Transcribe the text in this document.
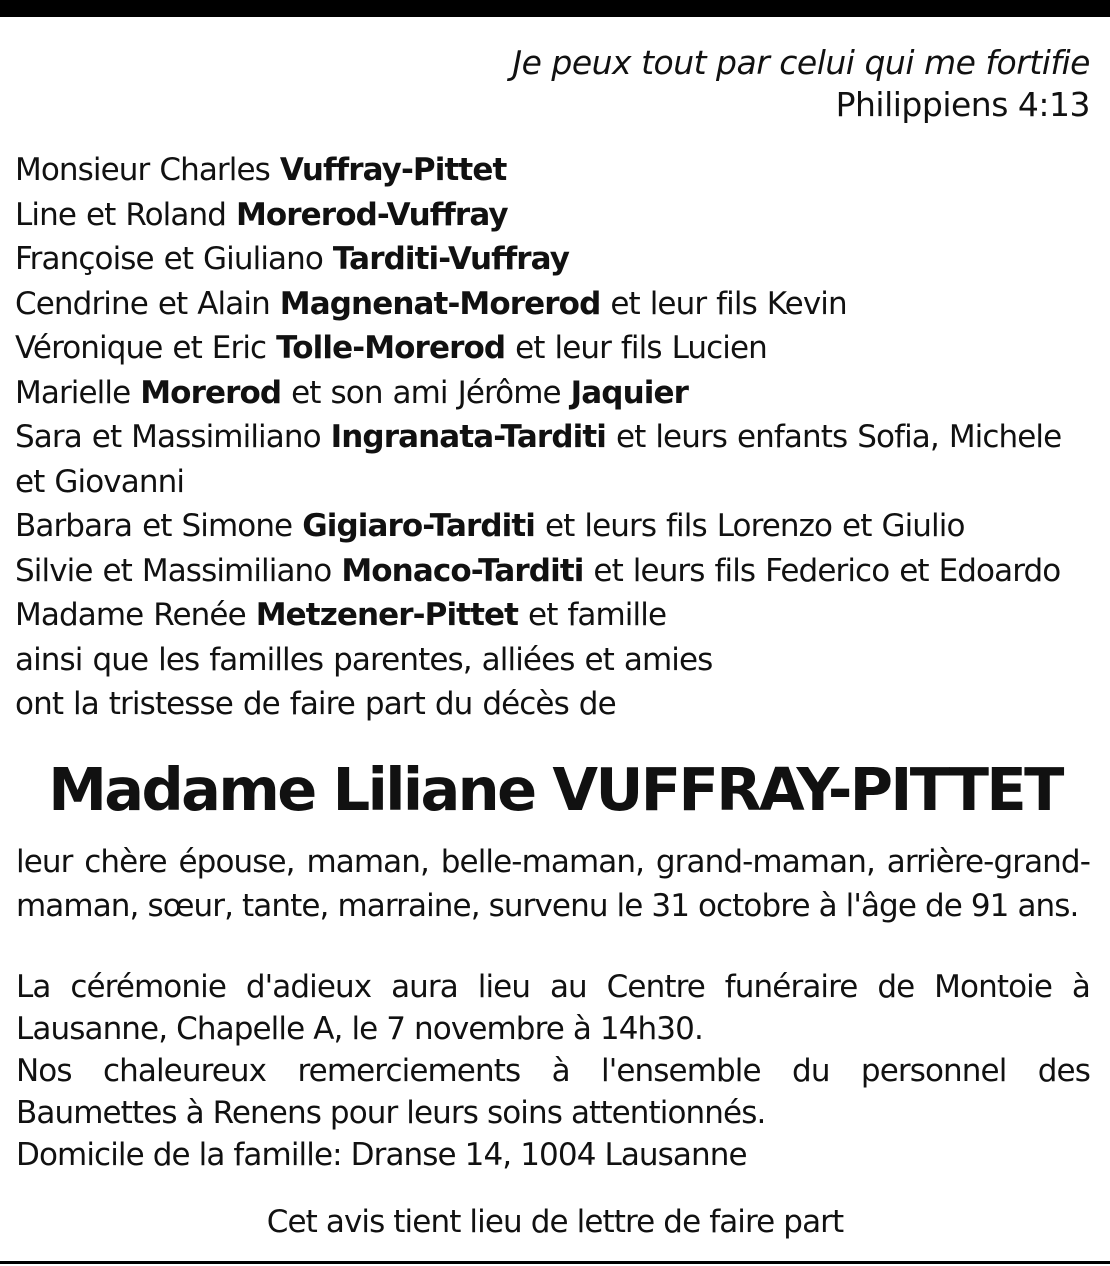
Je peux tout par celui qui me fortifie
Philippiens 4:13
Monsieur Charles Vuffray-Pittet
Line et Roland Morerod-Vuffray
Françoise et Giuliano Tarditi-Vuffray
Cendrine et Alain Magnenat-Morerod et leur fils Kevin
Véronique et Eric Tolle-Morerod et leur fils Lucien
Marielle Morerod et son ami Jérôme Jaquier
Sara et Massimiliano Ingranata-Tarditi et leurs enfants Sofia, Michele
et Giovanni
Barbara et Simone Gigiaro-Tarditi et leurs fils Lorenzo et Giulio
Silvie et Massimiliano Monaco-Tarditi et leurs fils Federico et Edoardo
Madame Renée Metzener-Pittet et famille
ainsi que les familles parentes, alliées et amies
ont la tristesse de faire part du décès de
Madame Liliane VUFFRAY-PITTET
leur chère épouse, maman, belle-maman, grand-maman, arrière-grand-maman, sœur, tante, marraine, survenu le 31 octobre à l'âge de 91 ans.

La cérémonie d'adieux aura lieu au Centre funéraire de Montoie à Lausanne, Chapelle A, le 7 novembre à 14h30.

Nos chaleureux remerciements à l'ensemble du personnel des Baumettes à Renens pour leurs soins attentionnés.

Domicile de la famille: Dranse 14, 1004 Lausanne

Cet avis tient lieu de lettre de faire part
